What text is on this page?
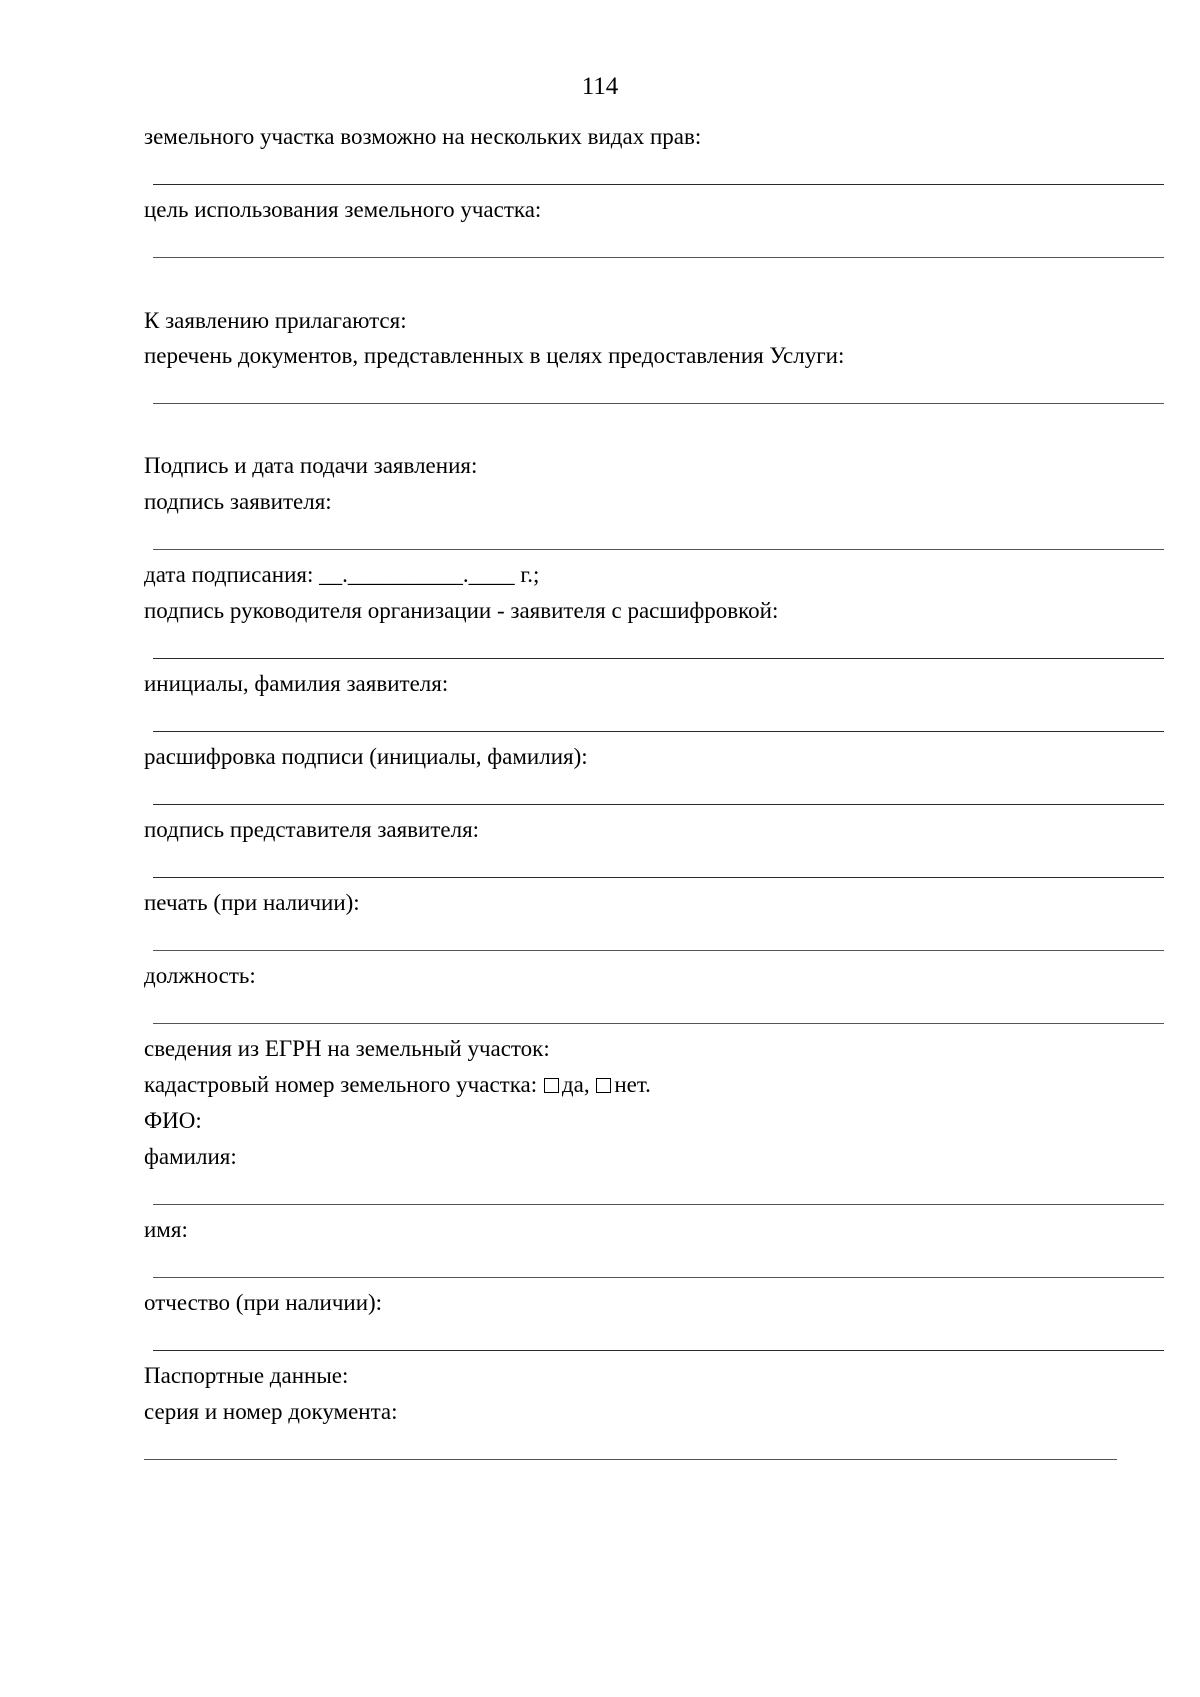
114
земельного участка возможно на нескольких видах прав:
цель использования земельного участка:
К заявлению прилагаются:
перечень документов, представленных в целях предоставления Услуги:
Подпись и дата подачи заявления:
подпись заявителя:
дата подписания: __.__________.____ г.;
подпись руководителя организации - заявителя с расшифровкой:
инициалы, фамилия заявителя:
расшифровка подписи (инициалы, фамилия):
подпись представителя заявителя:
печать (при наличии):
должность:
сведения из ЕГРН на земельный участок:
кадастровый номер земельного участка: да, нет.
ФИО:
фамилия:
имя:
отчество (при наличии):
Паспортные данные:
серия и номер документа:
